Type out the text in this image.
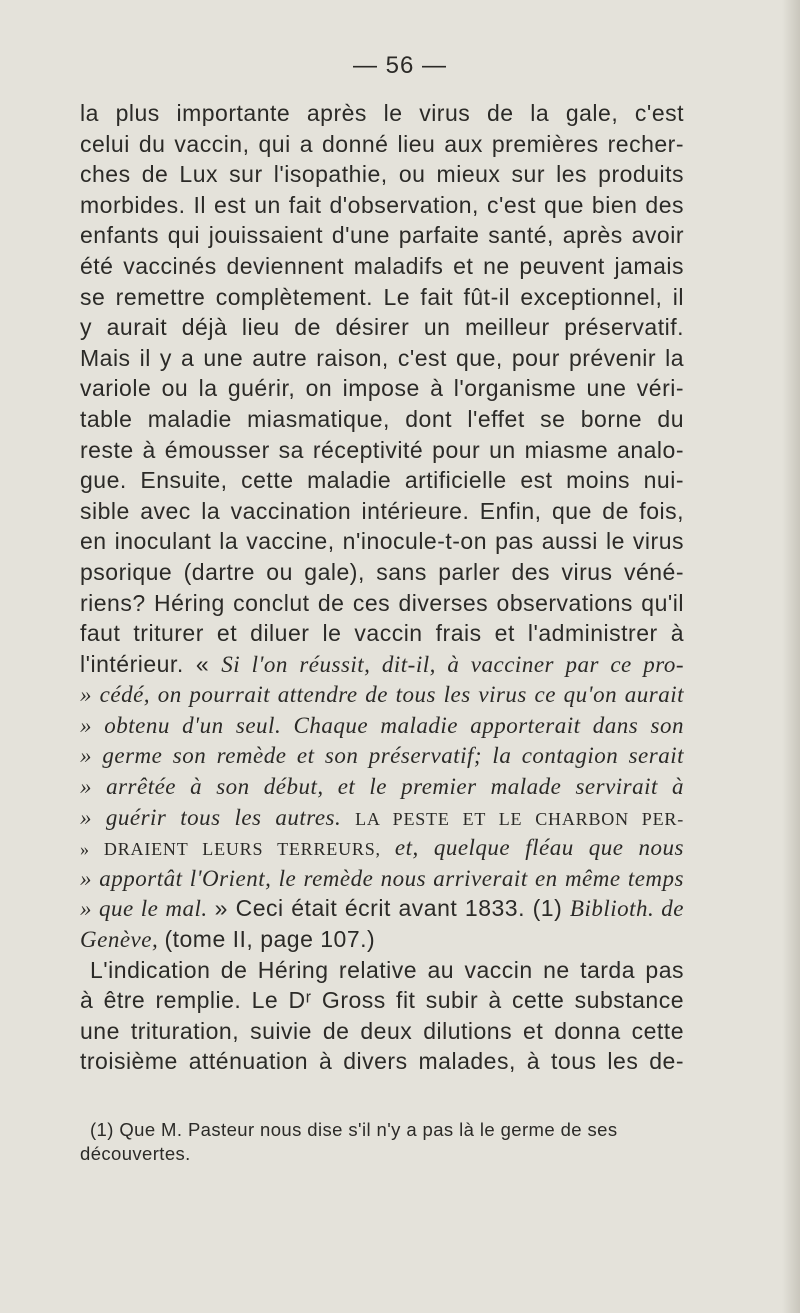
— 56 —
la plus importante après le virus de la gale, c'est
celui du vaccin, qui a donné lieu aux premières recher-
ches de Lux sur l'isopathie, ou mieux sur les produits
morbides. Il est un fait d'observation, c'est que bien des
enfants qui jouissaient d'une parfaite santé, après avoir
été vaccinés deviennent maladifs et ne peuvent jamais
se remettre complètement. Le fait fût-il exceptionnel, il
y aurait déjà lieu de désirer un meilleur préservatif.
Mais il y a une autre raison, c'est que, pour prévenir la
variole ou la guérir, on impose à l'organisme une véri-
table maladie miasmatique, dont l'effet se borne du
reste à émousser sa réceptivité pour un miasme analo-
gue. Ensuite, cette maladie artificielle est moins nui-
sible avec la vaccination intérieure. Enfin, que de fois,
en inoculant la vaccine, n'inocule-t-on pas aussi le virus
psorique (dartre ou gale), sans parler des virus véné-
riens? Héring conclut de ces diverses observations qu'il
faut triturer et diluer le vaccin frais et l'administrer à
l'intérieur. « Si l'on réussit, dit-il, à vacciner par ce pro-
» cédé, on pourrait attendre de tous les virus ce qu'on aurait
» obtenu d'un seul. Chaque maladie apporterait dans son
» germe son remède et son préservatif; la contagion serait
» arrêtée à son début, et le premier malade servirait à
» guérir tous les autres. LA PESTE ET LE CHARBON PER-
» DRAIENT LEURS TERREURS, et, quelque fléau que nous
» apportât l'Orient, le remède nous arriverait en même temps
» que le mal. » Ceci était écrit avant 1833. (1) Biblioth. de
Genève, (tome II, page 107.)
L'indication de Héring relative au vaccin ne tarda pas
à être remplie. Le Dʳ Gross fit subir à cette substance
une trituration, suivie de deux dilutions et donna cette
troisième atténuation à divers malades, à tous les de-
(1) Que M. Pasteur nous dise s'il n'y a pas là le germe de ses
découvertes.
